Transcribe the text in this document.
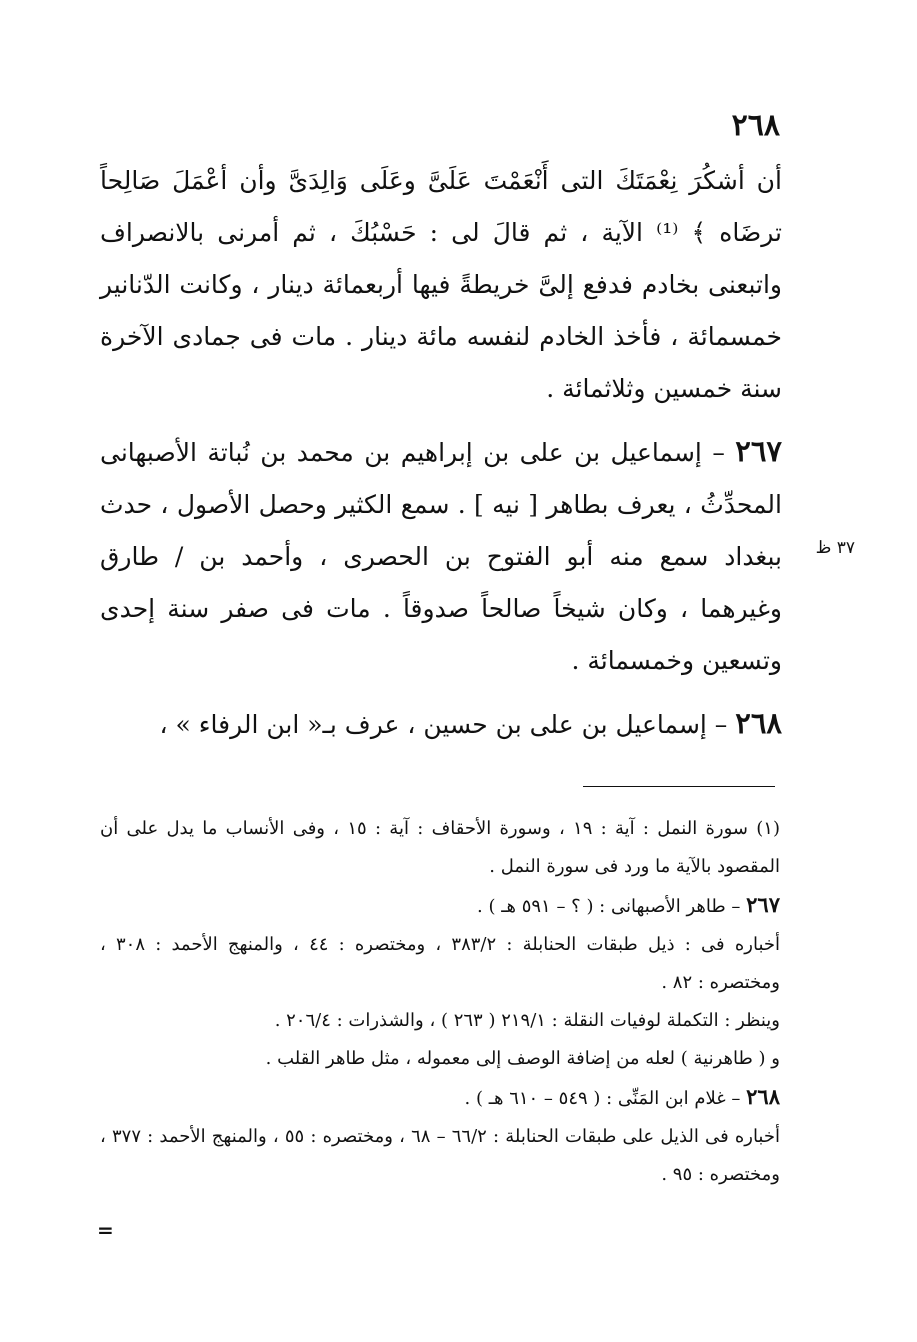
٢٦٨

أن أشكُرَ نِعْمَتَكَ التى أَنْعَمْتَ عَلَىَّ وعَلَى وَالِدَىَّ وأن أعْمَلَ صَالِحاً ترضَاه ﴾ ⁽¹⁾ الآية ، ثم قالَ لى : حَسْبُكَ ، ثم أمرنى بالانصراف واتبعنى بخادم فدفع إلىَّ خريطةً فيها أربعمائة دينار ، وكانت الدّنانير خمسمائة ، فأخذ الخادم لنفسه مائة دينار . مات فى جمادى الآخرة سنة خمسين وثلاثمائة .

٢٦٧ – إسماعيل بن على بن إبراهيم بن محمد بن نُباتة الأصبهانى المحدِّثُ ، يعرف بطاهر [ نيه ] . سمع الكثير وحصل الأصول ، حدث ببغداد سمع منه أبو الفتوح بن الحصرى ، وأحمد بن / طارق وغيرهما ، وكان شيخاً صالحاً صدوقاً . مات فى صفر سنة إحدى وتسعين وخمسمائة .

٢٦٨ – إسماعيل بن على بن حسين ، عرف بـ« ابن الرفاء » ،

٣٧ ظ

(١) سورة النمل : آية : ١٩ ، وسورة الأحقاف : آية : ١٥ ، وفى الأنساب ما يدل على أن المقصود بالآية ما ورد فى سورة النمل .

٢٦٧ – طاهر الأصبهانى : ( ؟ – ٥٩١ هـ ) .

أخباره فى : ذيل طبقات الحنابلة : ٣٨٣/٢ ، ومختصره : ٤٤ ، والمنهج الأحمد : ٣٠٨ ، ومختصره : ٨٢ .

وينظر : التكملة لوفيات النقلة : ٢١٩/١ ( ٢٦٣ ) ، والشذرات : ٢٠٦/٤ .

و ( طاهرنية ) لعله من إضافة الوصف إلى معموله ، مثل طاهر القلب .

٢٦٨ – غلام ابن المَنِّى : ( ٥٤٩ – ٦١٠ هـ ) .

أخباره فى الذيل على طبقات الحنابلة : ٦٦/٢ – ٦٨ ، ومختصره : ٥٥ ، والمنهج الأحمد : ٣٧٧ ، ومختصره : ٩٥ .

=
